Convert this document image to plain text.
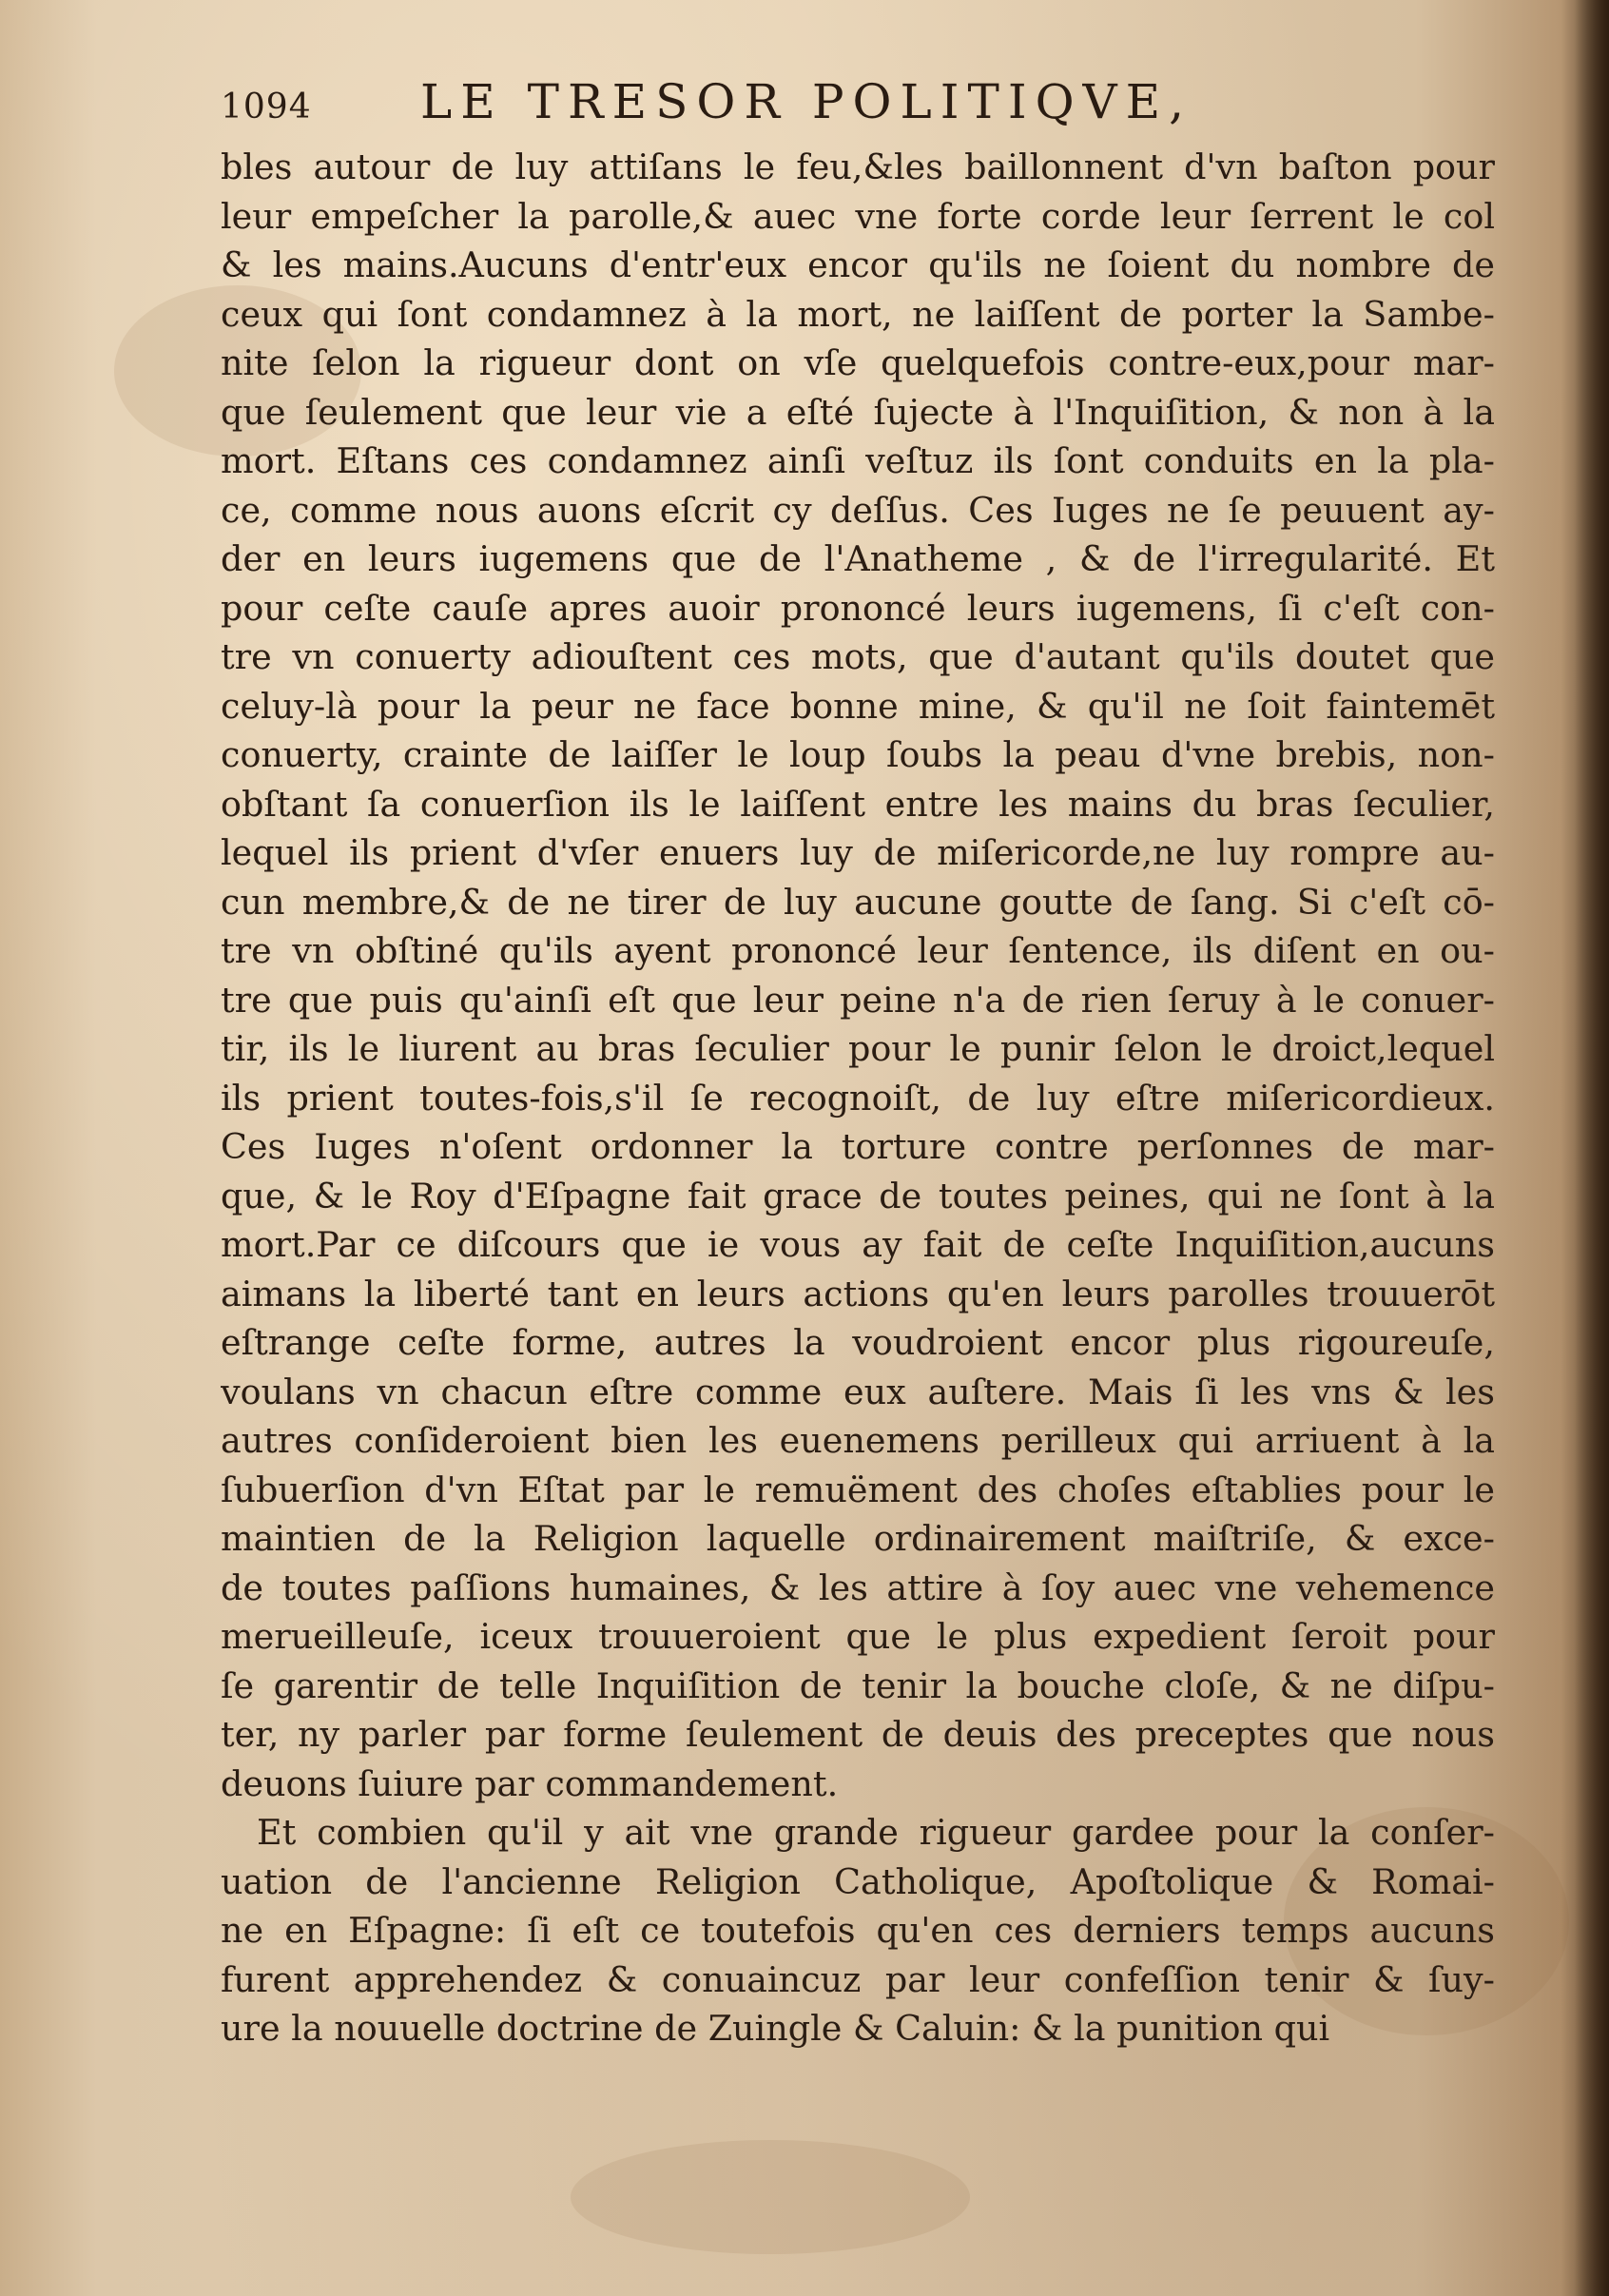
1094	LE TRESOR POLITIQVE,
bles autour de luy attiſans le feu,&les baillonnent d'vn baſton pour
leur empeſcher la parolle,& auec vne forte corde leur ſerrent le col
& les mains.Aucuns d'entr'eux encor qu'ils ne ſoient du nombre de
ceux qui ſont condamnez à la mort, ne laiſſent de porter la Sambe-
nite ſelon la rigueur dont on vſe quelquefois contre-eux,pour mar-
que ſeulement que leur vie a eſté ſujecte à l'Inquiſition, & non à la
mort. Eſtans ces condamnez ainſi veſtuz ils ſont conduits en la pla-
ce, comme nous auons eſcrit cy deſſus. Ces Iuges ne ſe peuuent ay-
der en leurs iugemens que de l'Anatheme , & de l'irregularité. Et
pour ceſte cauſe apres auoir prononcé leurs iugemens, ſi c'eſt con-
tre vn conuerty adiouſtent ces mots, que d'autant qu'ils doutet que
celuy-là pour la peur ne face bonne mine, & qu'il ne ſoit faintemēt
conuerty, crainte de laiſſer le loup ſoubs la peau d'vne brebis, non-
obſtant ſa conuerſion ils le laiſſent entre les mains du bras ſeculier,
lequel ils prient d'vſer enuers luy de miſericorde,ne luy rompre au-
cun membre,& de ne tirer de luy aucune goutte de ſang. Si c'eſt cō-
tre vn obſtiné qu'ils ayent prononcé leur ſentence, ils diſent en ou-
tre que puis qu'ainſi eſt que leur peine n'a de rien ſeruy à le conuer-
tir, ils le liurent au bras ſeculier pour le punir ſelon le droict,lequel
ils prient toutes-fois,s'il ſe recognoiſt, de luy eſtre miſericordieux.
Ces Iuges n'oſent ordonner la torture contre perſonnes de mar-
que, & le Roy d'Eſpagne fait grace de toutes peines, qui ne ſont à la
mort.Par ce diſcours que ie vous ay fait de ceſte Inquiſition,aucuns
aimans la liberté tant en leurs actions qu'en leurs parolles trouuerōt
eſtrange ceſte forme, autres la voudroient encor plus rigoureuſe,
voulans vn chacun eſtre comme eux auſtere. Mais ſi les vns & les
autres conſideroient bien les euenemens perilleux qui arriuent à la
ſubuerſion d'vn Eſtat par le remuëment des choſes eſtablies pour le
maintien de la Religion laquelle ordinairement maiſtriſe, & exce-
de toutes paſſions humaines, & les attire à ſoy auec vne vehemence
merueilleuſe, iceux trouueroient que le plus expedient ſeroit pour
ſe garentir de telle Inquiſition de tenir la bouche cloſe, & ne diſpu-
ter, ny parler par forme ſeulement de deuis des preceptes que nous
deuons ſuiure par commandement.
Et combien qu'il y ait vne grande rigueur gardee pour la conſer-
uation de l'ancienne Religion Catholique, Apoſtolique & Romai-
ne en Eſpagne: ſi eſt ce toutefois qu'en ces derniers temps aucuns
furent apprehendez & conuaincuz par leur confeſſion tenir & ſuy-
ure la nouuelle doctrine de Zuingle & Caluin: & la punition qui
